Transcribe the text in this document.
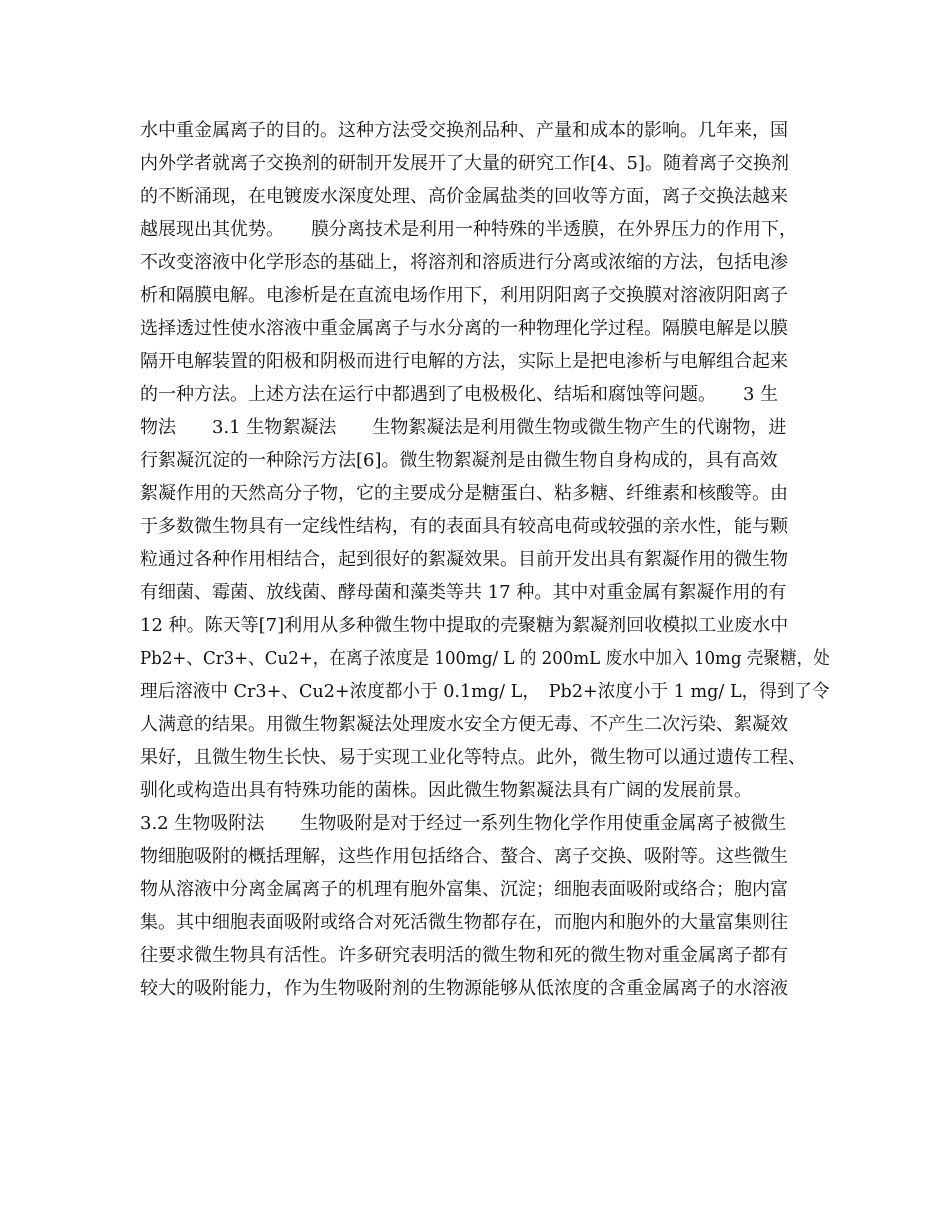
水中重金属离子的目的。这种方法受交换剂品种、产量和成本的影响。几年来，国
内外学者就离子交换剂的研制开发展开了大量的研究工作[4、5]。随着离子交换剂
的不断涌现，在电镀废水深度处理、高价金属盐类的回收等方面，离子交换法越来
越展现出其优势。　　膜分离技术是利用一种特殊的半透膜，在外界压力的作用下，
不改变溶液中化学形态的基础上，将溶剂和溶质进行分离或浓缩的方法，包括电渗
析和隔膜电解。电渗析是在直流电场作用下，利用阴阳离子交换膜对溶液阴阳离子
选择透过性使水溶液中重金属离子与水分离的一种物理化学过程。隔膜电解是以膜
隔开电解装置的阳极和阴极而进行电解的方法，实际上是把电渗析与电解组合起来
的一种方法。上述方法在运行中都遇到了电极极化、结垢和腐蚀等问题。　　3 生
物法　　3.1 生物絮凝法　　生物絮凝法是利用微生物或微生物产生的代谢物，进
行絮凝沉淀的一种除污方法[6]。微生物絮凝剂是由微生物自身构成的，具有高效
絮凝作用的天然高分子物，它的主要成分是糖蛋白、粘多糖、纤维素和核酸等。由
于多数微生物具有一定线性结构，有的表面具有较高电荷或较强的亲水性，能与颗
粒通过各种作用相结合，起到很好的絮凝效果。目前开发出具有絮凝作用的微生物
有细菌、霉菌、放线菌、酵母菌和藻类等共 17 种。其中对重金属有絮凝作用的有
12 种。陈天等[7]利用从多种微生物中提取的壳聚糖为絮凝剂回收模拟工业废水中
Pb2+、Cr3+、Cu2+，在离子浓度是 100mg/ L 的 200mL 废水中加入 10mg 壳聚糖，处
理后溶液中 Cr3+、Cu2+浓度都小于 0.1mg/ L，　Pb2+浓度小于 1 mg/ L，得到了令
人满意的结果。用微生物絮凝法处理废水安全方便无毒、不产生二次污染、絮凝效
果好，且微生物生长快、易于实现工业化等特点。此外，微生物可以通过遗传工程、
驯化或构造出具有特殊功能的菌株。因此微生物絮凝法具有广阔的发展前景。
3.2 生物吸附法　　生物吸附是对于经过一系列生物化学作用使重金属离子被微生
物细胞吸附的概括理解，这些作用包括络合、螯合、离子交换、吸附等。这些微生
物从溶液中分离金属离子的机理有胞外富集、沉淀；细胞表面吸附或络合；胞内富
集。其中细胞表面吸附或络合对死活微生物都存在，而胞内和胞外的大量富集则往
往要求微生物具有活性。许多研究表明活的微生物和死的微生物对重金属离子都有
较大的吸附能力，作为生物吸附剂的生物源能够从低浓度的含重金属离子的水溶液
